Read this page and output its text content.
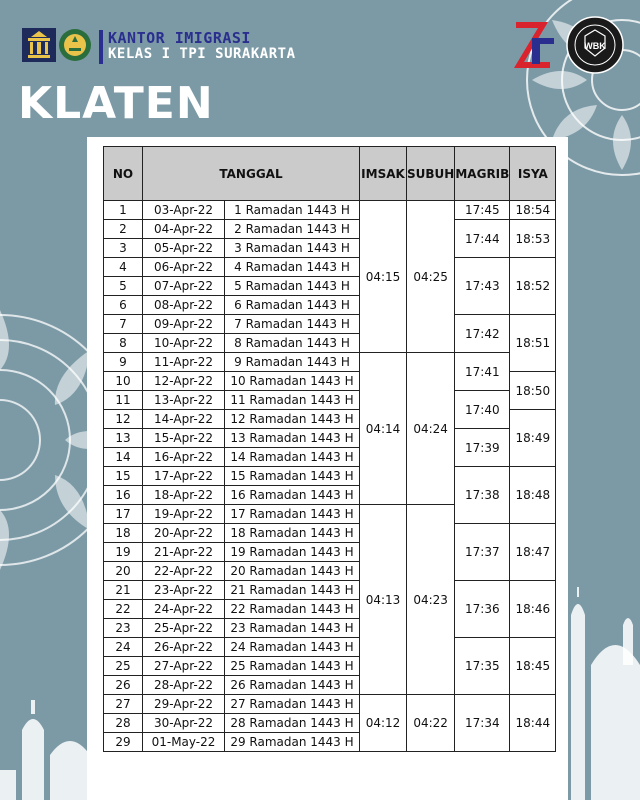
KANTOR IMIGRASI
KELAS I TPI SURAKARTA
KLATEN
WBK
NO	TANGGAL		IMSAK	SUBUH	MAGRIB	ISYA
1	03-Apr-22	1 Ramadan 1443 H	04:15	04:25	17:45	18:54
2	04-Apr-22	2 Ramadan 1443 H			17:44	18:53
3	05-Apr-22	3 Ramadan 1443 H				
4	06-Apr-22	4 Ramadan 1443 H			17:43	18:52
5	07-Apr-22	5 Ramadan 1443 H				
6	08-Apr-22	6 Ramadan 1443 H				
7	09-Apr-22	7 Ramadan 1443 H			17:42	18:51
8	10-Apr-22	8 Ramadan 1443 H				
9	11-Apr-22	9 Ramadan 1443 H	04:14	04:24	17:41	
10	12-Apr-22	10 Ramadan 1443 H				18:50
11	13-Apr-22	11 Ramadan 1443 H			17:40	
12	14-Apr-22	12 Ramadan 1443 H				18:49
13	15-Apr-22	13 Ramadan 1443 H			17:39	
14	16-Apr-22	14 Ramadan 1443 H				
15	17-Apr-22	15 Ramadan 1443 H			17:38	18:48
16	18-Apr-22	16 Ramadan 1443 H				
17	19-Apr-22	17 Ramadan 1443 H	04:13	04:23		
18	20-Apr-22	18 Ramadan 1443 H			17:37	18:47
19	21-Apr-22	19 Ramadan 1443 H				
20	22-Apr-22	20 Ramadan 1443 H				
21	23-Apr-22	21 Ramadan 1443 H			17:36	18:46
22	24-Apr-22	22 Ramadan 1443 H				
23	25-Apr-22	23 Ramadan 1443 H				
24	26-Apr-22	24 Ramadan 1443 H			17:35	18:45
25	27-Apr-22	25 Ramadan 1443 H				
26	28-Apr-22	26 Ramadan 1443 H				
27	29-Apr-22	27 Ramadan 1443 H	04:12	04:22	17:34	18:44
28	30-Apr-22	28 Ramadan 1443 H				
29	01-May-22	29 Ramadan 1443 H				
